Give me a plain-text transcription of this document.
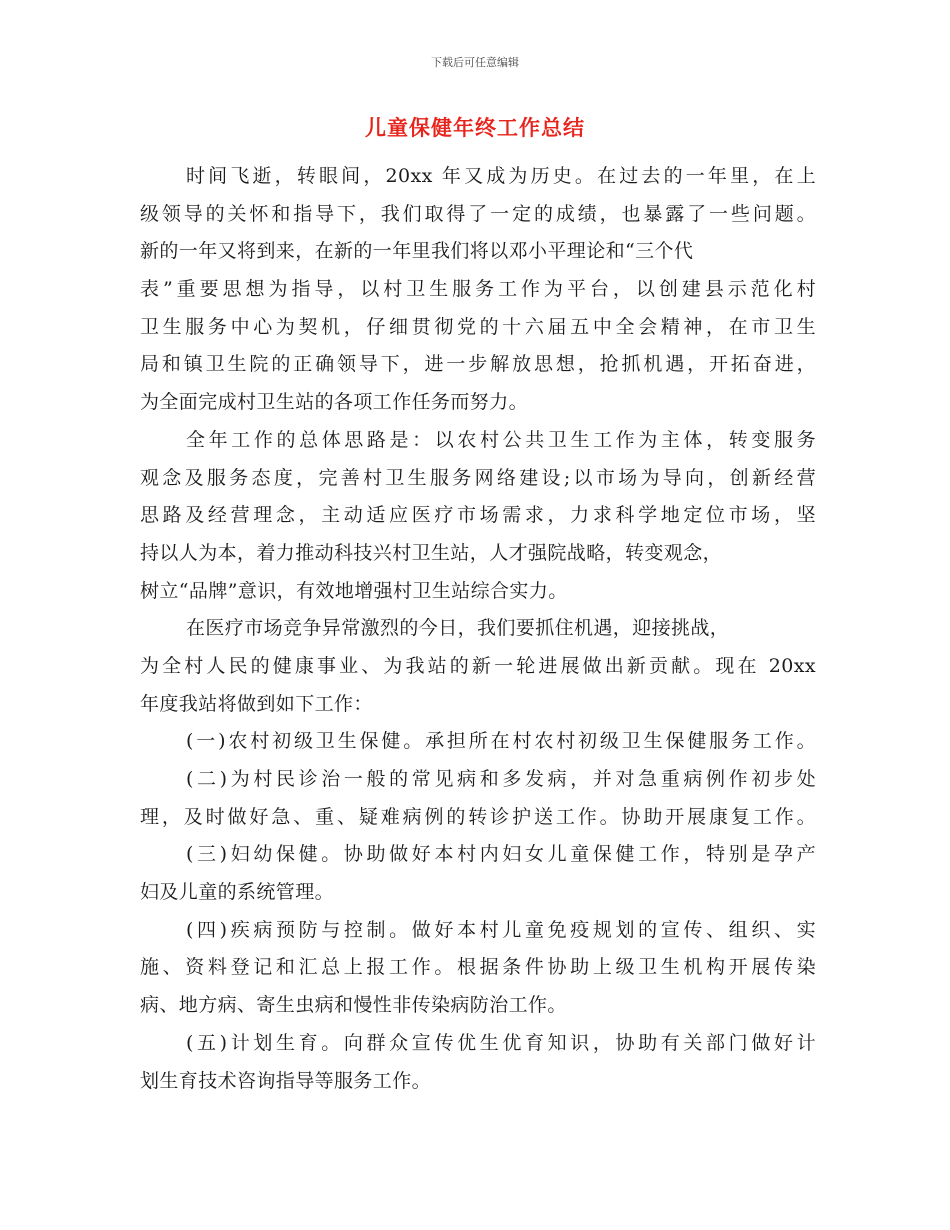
下载后可任意编辑
儿童保健年终工作总结
时间飞逝，转眼间，20xx 年又成为历史。在过去的一年里，在上
级领导的关怀和指导下，我们取得了一定的成绩，也暴露了一些问题。
新的一年又将到来，在新的一年里我们将以邓小平理论和“三个代
表”重要思想为指导，以村卫生服务工作为平台，以创建县示范化村
卫生服务中心为契机，仔细贯彻党的十六届五中全会精神，在市卫生
局和镇卫生院的正确领导下，进一步解放思想，抢抓机遇，开拓奋进，
为全面完成村卫生站的各项工作任务而努力。
全年工作的总体思路是：以农村公共卫生工作为主体，转变服务
观念及服务态度，完善村卫生服务网络建设;以市场为导向，创新经营
思路及经营理念，主动适应医疗市场需求，力求科学地定位市场，坚
持以人为本，着力推动科技兴村卫生站，人才强院战略，转变观念，
树立“品牌”意识，有效地增强村卫生站综合实力。
在医疗市场竞争异常激烈的今日，我们要抓住机遇，迎接挑战，
为全村人民的健康事业、为我站的新一轮进展做出新贡献。现在 20xx
年度我站将做到如下工作：
(一)农村初级卫生保健。承担所在村农村初级卫生保健服务工作。
(二)为村民诊治一般的常见病和多发病，并对急重病例作初步处
理，及时做好急、重、疑难病例的转诊护送工作。协助开展康复工作。
(三)妇幼保健。协助做好本村内妇女儿童保健工作，特别是孕产
妇及儿童的系统管理。
(四)疾病预防与控制。做好本村儿童免疫规划的宣传、组织、实
施、资料登记和汇总上报工作。根据条件协助上级卫生机构开展传染
病、地方病、寄生虫病和慢性非传染病防治工作。
(五)计划生育。向群众宣传优生优育知识，协助有关部门做好计
划生育技术咨询指导等服务工作。
